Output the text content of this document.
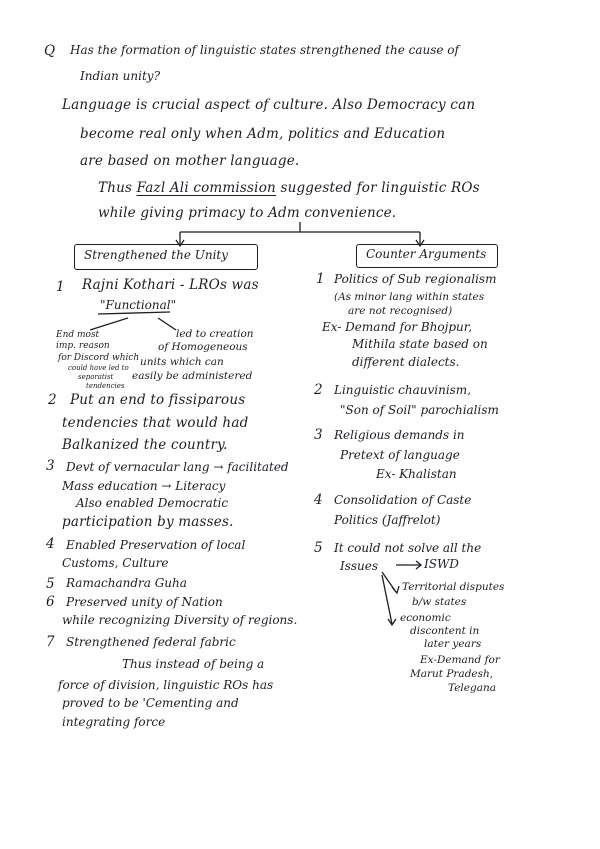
Q Has the formation of linguistic states strengthened the cause of
Indian unity?
Language is crucial aspect of culture. Also Democracy can
become real only when Adm, politics and Education
are based on mother language.
Thus Fazl Ali commission suggested for linguistic ROs
while giving primacy to Adm convenience.
Strengthened the Unity	Counter Arguments
1 Rajni Kothari - LROs was
"Functional"
End most
imp. reason
for Discord which
could have led to
separatist
tendencies
led to creation
of Homogeneous
units which can
easily be administered
2 Put an end to fissiparous
tendencies that would had
Balkanized the country.
3 Devt of vernacular lang → facilitated
Mass education → Literacy
Also enabled Democratic
participation by masses.
4 Enabled Preservation of local
Customs, Culture
5 Ramachandra Guha
6 Preserved unity of Nation
while recognizing Diversity of regions.
7 Strengthened federal fabric
Thus instead of being a
force of division, linguistic ROs has
proved to be 'Cementing and
integrating force
1 Politics of Sub regionalism
(As minor lang within states
are not recognised)
Ex- Demand for Bhojpur,
Mithila state based on
different dialects.
2 Linguistic chauvinism,
"Son of Soil" parochialism
3 Religious demands in
Pretext of language
Ex- Khalistan
4 Consolidation of Caste
Politics (Jaffrelot)
5 It could not solve all the
Issues	ISWD
Territorial disputes
b/w states
economic
discontent in
later years
Ex-Demand for
Marut Pradesh,
Telegana
